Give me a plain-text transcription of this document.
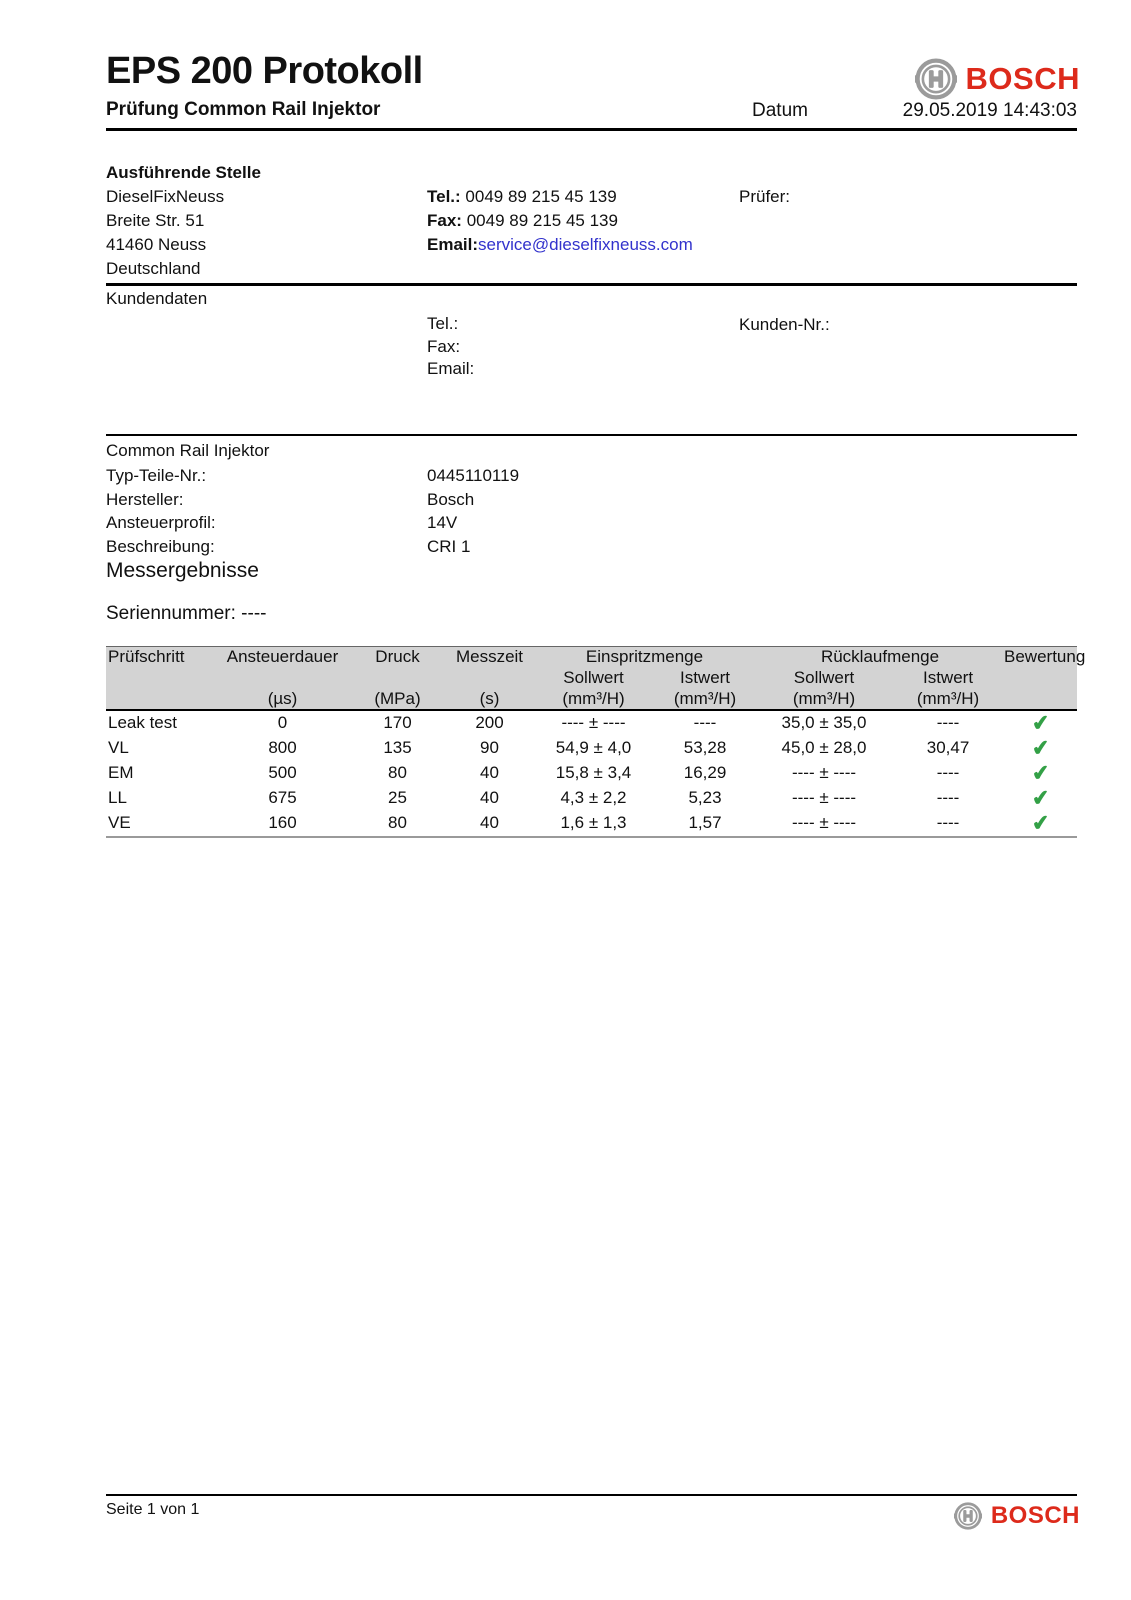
EPS 200 Protokoll	BOSCH
Prüfung Common Rail Injektor	Datum	29.05.2019 14:43:03
Ausführende Stelle
DieselFixNeuss
Breite Str. 51
41460 Neuss
Deutschland
Tel.: 0049 89 215 45 139
Fax: 0049 89 215 45 139
Email:service@dieselfixneuss.com
Prüfer:
Kundendaten
Tel.:
Fax:
Email:
Kunden-Nr.:
Common Rail Injektor
Typ-Teile-Nr.:	0445110119
Hersteller:	Bosch
Ansteuerprofil:	14V
Beschreibung:	CRI 1
Messergebnisse
Seriennummer: ----
Prüfschritt	Ansteuerdauer	Druck	Messzeit	Einspritzmenge		Rücklaufmenge		Bewertung
				Sollwert	Istwert	Sollwert	Istwert	
	(µs)	(MPa)	(s)	(mm³/H)	(mm³/H)	(mm³/H)	(mm³/H)	
Leak test	0	170	200	---- ± ----	----	35,0 ± 35,0	----	✔
VL	800	135	90	54,9 ± 4,0	53,28	45,0 ± 28,0	30,47	✔
EM	500	80	40	15,8 ± 3,4	16,29	---- ± ----	----	✔
LL	675	25	40	4,3 ± 2,2	5,23	---- ± ----	----	✔
VE	160	80	40	1,6 ± 1,3	1,57	---- ± ----	----	✔
Seite 1 von 1	BOSCH
